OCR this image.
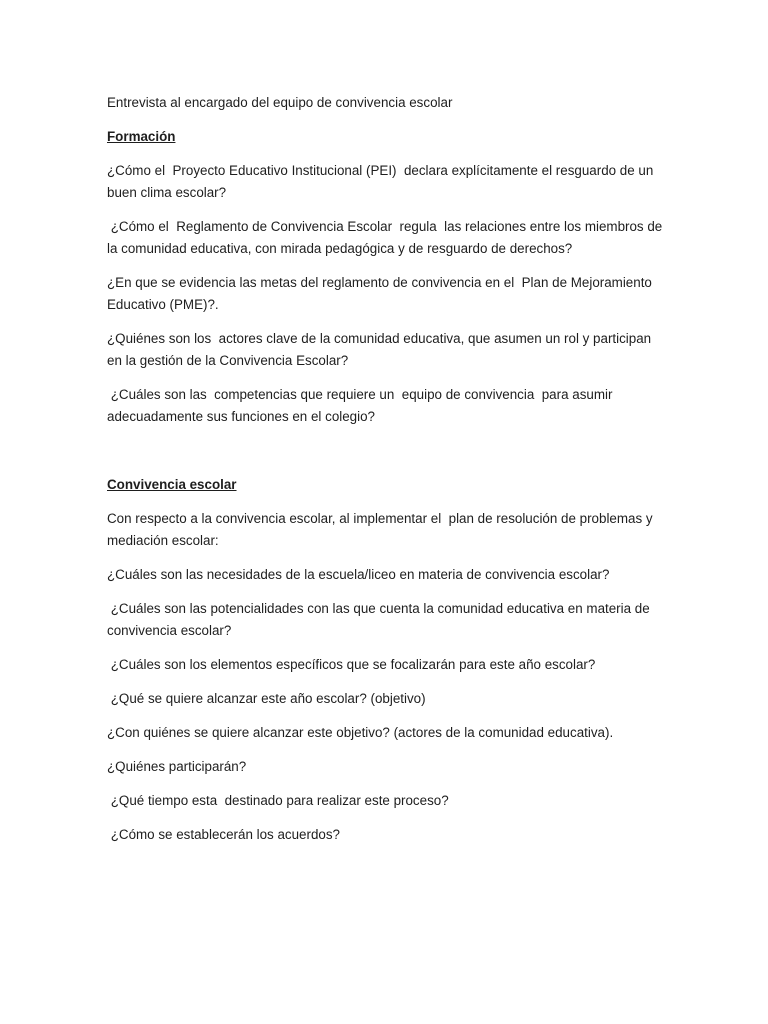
Entrevista al encargado del equipo de convivencia escolar

Formación

¿Cómo el  Proyecto Educativo Institucional (PEI)  declara explícitamente el resguardo de un buen clima escolar?

¿Cómo el  Reglamento de Convivencia Escolar  regula  las relaciones entre los miembros de la comunidad educativa, con mirada pedagógica y de resguardo de derechos?

¿En que se evidencia las metas del reglamento de convivencia en el  Plan de Mejoramiento Educativo (PME)?.

¿Quiénes son los  actores clave de la comunidad educativa, que asumen un rol y participan en la gestión de la Convivencia Escolar?

¿Cuáles son las  competencias que requiere un  equipo de convivencia  para asumir adecuadamente sus funciones en el colegio?

Convivencia escolar

Con respecto a la convivencia escolar, al implementar el  plan de resolución de problemas y mediación escolar:

¿Cuáles son las necesidades de la escuela/liceo en materia de convivencia escolar?

¿Cuáles son las potencialidades con las que cuenta la comunidad educativa en materia de convivencia escolar?

¿Cuáles son los elementos específicos que se focalizarán para este año escolar?

¿Qué se quiere alcanzar este año escolar? (objetivo)

¿Con quiénes se quiere alcanzar este objetivo? (actores de la comunidad educativa).

¿Quiénes participarán?

¿Qué tiempo esta  destinado para realizar este proceso?

¿Cómo se establecerán los acuerdos?
